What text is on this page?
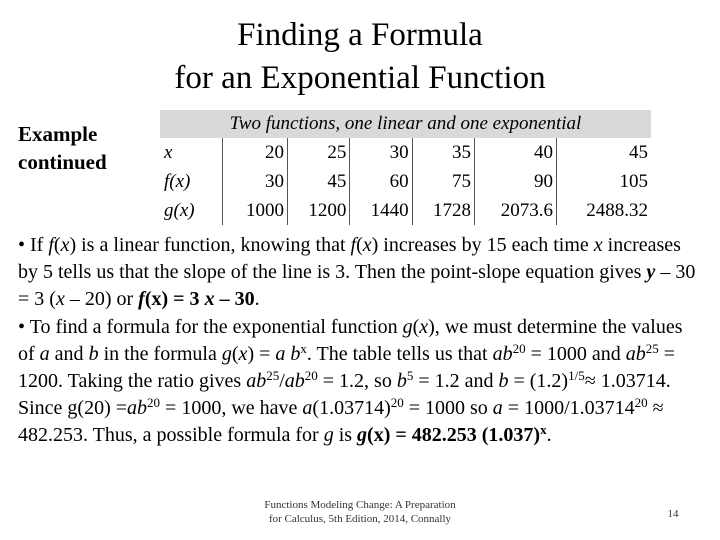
Finding a Formula
for an Exponential Function
Example continued
Two functions, one linear and one exponential
x	20	25	30	35	40	45
f(x)	30	45	60	75	90	105
g(x)	1000	1200	1440	1728	2073.6	2488.32

• If f(x) is a linear function, knowing that f(x) increases by 15 each time x increases by 5 tells us that the slope of the line is 3. Then the point-slope equation gives y – 30 = 3 (x – 20) or f(x) = 3 x – 30.

• To find a formula for the exponential function g(x), we must determine the values of a and b in the formula g(x) = a $b^x$. The table tells us that $ab^{20} = 1000$ and $ab^{25} = 1200$. Taking the ratio gives $ab^{25}/ab^{20} = 1.2$, so $b^5 = 1.2$ and $b = (1.2)^{1/5}\approx 1.03714$. Since $g(20) =ab^{20} = 1000$, we have $a(1.03714)^{20} = 1000$ so $a = 1000/1.03714^{20} \approx 482.253$. Thus, a possible formula for g is g(x) = 482.253 $(1.037)^x$.

Functions Modeling Change: A Preparation
for Calculus, 5th Edition, 2014, Connally	14
